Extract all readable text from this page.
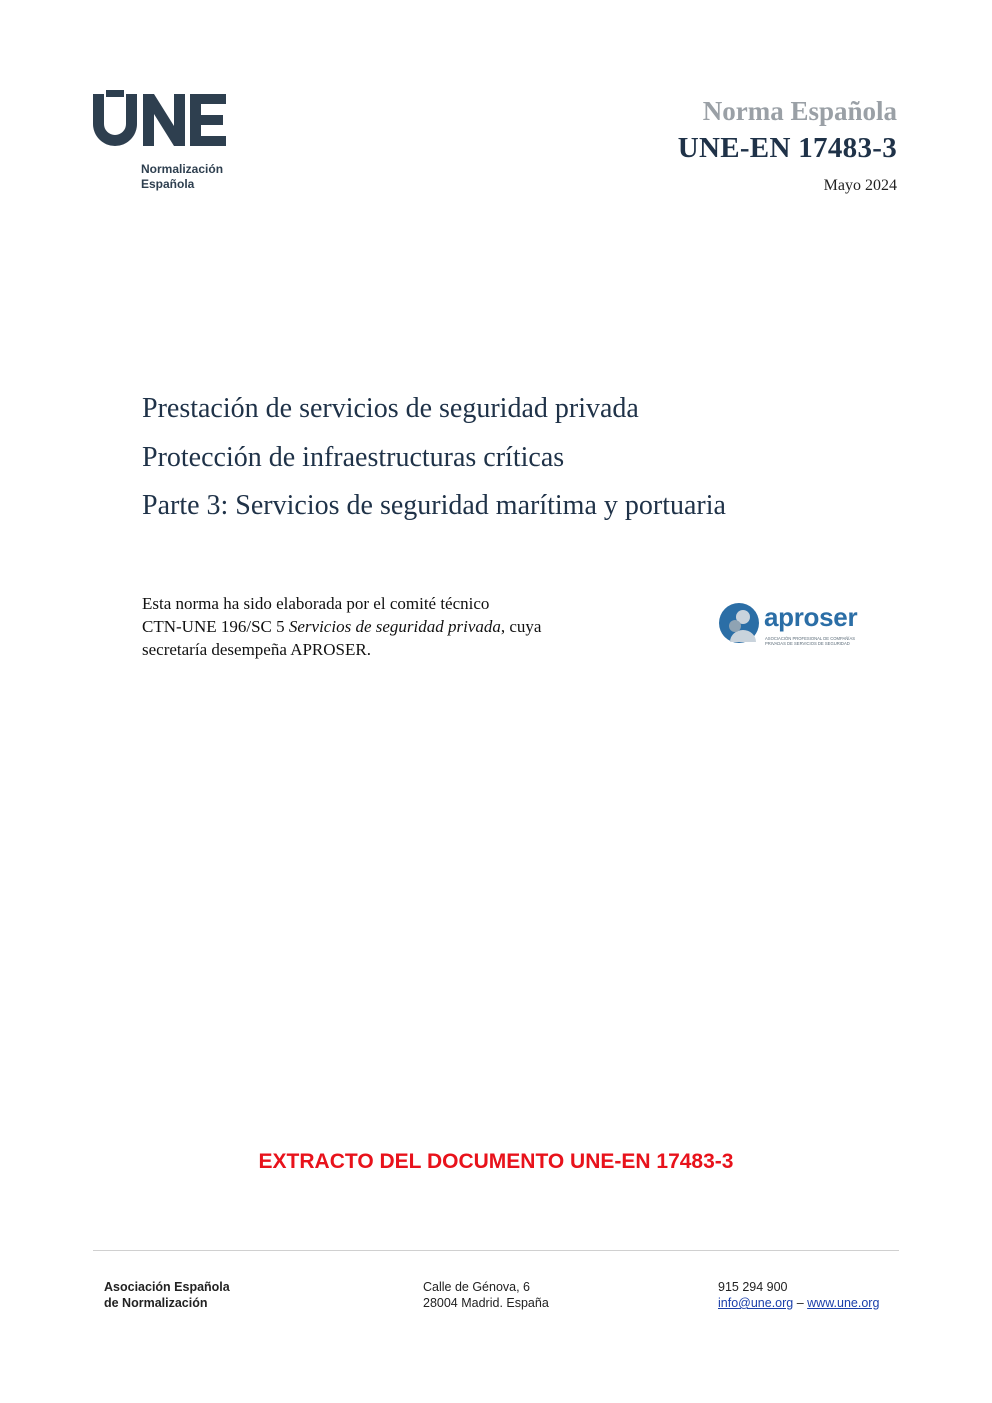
Normalización
Española
Norma Española
UNE-EN 17483-3
Mayo 2024
Prestación de servicios de seguridad privada
Protección de infraestructuras críticas
Parte 3: Servicios de seguridad marítima y portuaria
Esta norma ha sido elaborada por el comité técnico
CTN-UNE 196/SC 5 Servicios de seguridad privada, cuya
secretaría desempeña APROSER.
aproser
ASOCIACIÓN PROFESIONAL DE COMPAÑÍAS
PRIVADAS DE SERVICIOS DE SEGURIDAD
EXTRACTO DEL DOCUMENTO UNE-EN 17483-3
Asociación Española
de Normalización
Calle de Génova, 6
28004 Madrid. España
915 294 900
info@une.org – www.une.org
